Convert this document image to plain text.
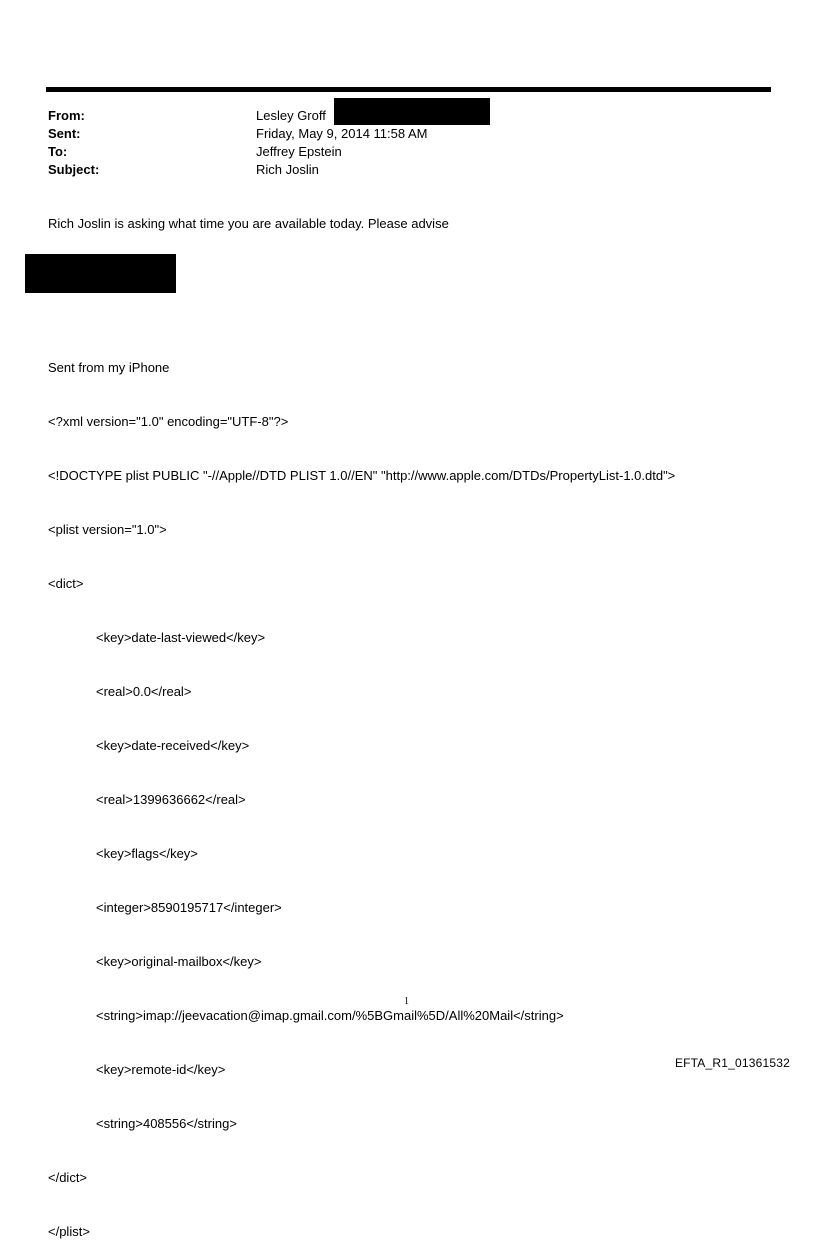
From:	Lesley Groff
Sent:	Friday, May 9, 2014 11:58 AM
To:	Jeffrey Epstein
Subject:	Rich Joslin
Rich Joslin is asking what time you are available today. Please advise

Sent from my iPhone

<?xml version="1.0" encoding="UTF-8"?>

<!DOCTYPE plist PUBLIC "-//Apple//DTD PLIST 1.0//EN" "http://www.apple.com/DTDs/PropertyList-1.0.dtd">

<plist version="1.0">

<dict>

<key>date-last-viewed</key>

<real>0.0</real>

<key>date-received</key>

<real>1399636662</real>

<key>flags</key>

<integer>8590195717</integer>

<key>original-mailbox</key>

<string>imap://jeevacation@imap.gmail.com/%5BGmail%5D/All%20Mail</string>

<key>remote-id</key>

<string>408556</string>

</dict>

</plist>

1
EFTA_R1_01361532
